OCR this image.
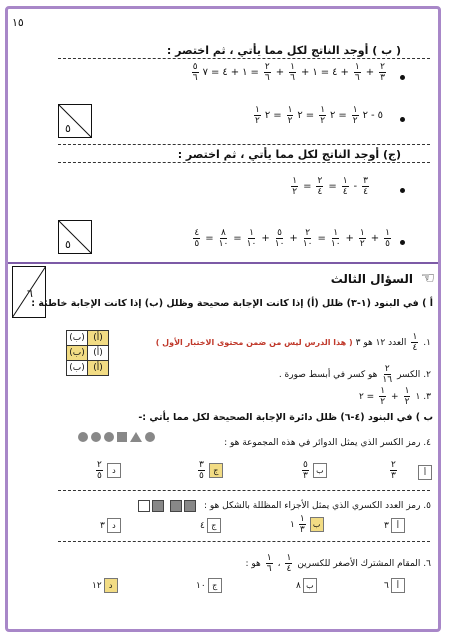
١٥
( ب ) أوجد الناتج لكل مما يأتي ، ثم اختصر :
$\frac{٢}{٣}$
+
$\frac{١}{٦}$
+
٤
=
١
+
$\frac{١}{٦}$
+
$\frac{٢}{٦}$
=
١
+
٤
=
٧
$\frac{٥}{٦}$
٥
-
٢
$\frac{١}{٢}$
=
٢
$\frac{١}{٢}$
=
٢
$\frac{١}{٢}$
=
٢
$\frac{١}{٢}$
٥
(ج) أوجد الناتج لكل مما يأتي ، ثم اختصر :
$\frac{٣}{٤}$
-
$\frac{١}{٤}$
=
$\frac{٢}{٤}$
=
$\frac{١}{٢}$
$\frac{١}{٥}$
+
$\frac{١}{٢}$
+
$\frac{١}{١٠}$
=
$\frac{٢}{١٠}$
+
$\frac{٥}{١٠}$
+
$\frac{١}{١٠}$
=
$\frac{٨}{١٠}$
=
$\frac{٤}{٥}$
٥
٦
☜
السؤال الثالث
أ ) في البنود (١-٣) ظلل (أ) إذا كانت الإجابة صحيحة وظلل (ب) إذا كانت الإجابة خاطئة :
(ب)	(أ)
(ب)	(أ)
(ب)	(أ)
١.
$\frac{١}{٤}$
العدد ١٢ هو ٣
( هذا الدرس ليس من ضمن محتوى الاختبار الأول )
٢.
الكسر
$\frac{٢}{١٦}$
هو كسر في أبسط صورة .
٣.
١
$\frac{١}{٢}$
+
$\frac{١}{٢}$
= ٢
ب ) في البنود (٤-٦) ظلل دائرة الإجابة الصحيحة لكل مما يأتي :-
٤. رمز الكسر الذي يمثل الدوائر في هذه المجموعة هو :
أ
$\frac{٢}{٣}$
$\frac{٥}{٣}$ ب
$\frac{٣}{٥}$	ج
$\frac{٢}{٥}$	د
٥. رمز العدد الكسري الذي يمثل الأجزاء المظللة بالشكل هو :
٣ أ
١ $\frac{١}{٣}$ ب
٤ ج
٣ د
٦. المقام المشترك الأصغر للكسرين
$\frac{١}{٤}$
،
$\frac{١}{٦}$
هو :
٦ أ
٨ ب
١٠ ج
١٢ د
